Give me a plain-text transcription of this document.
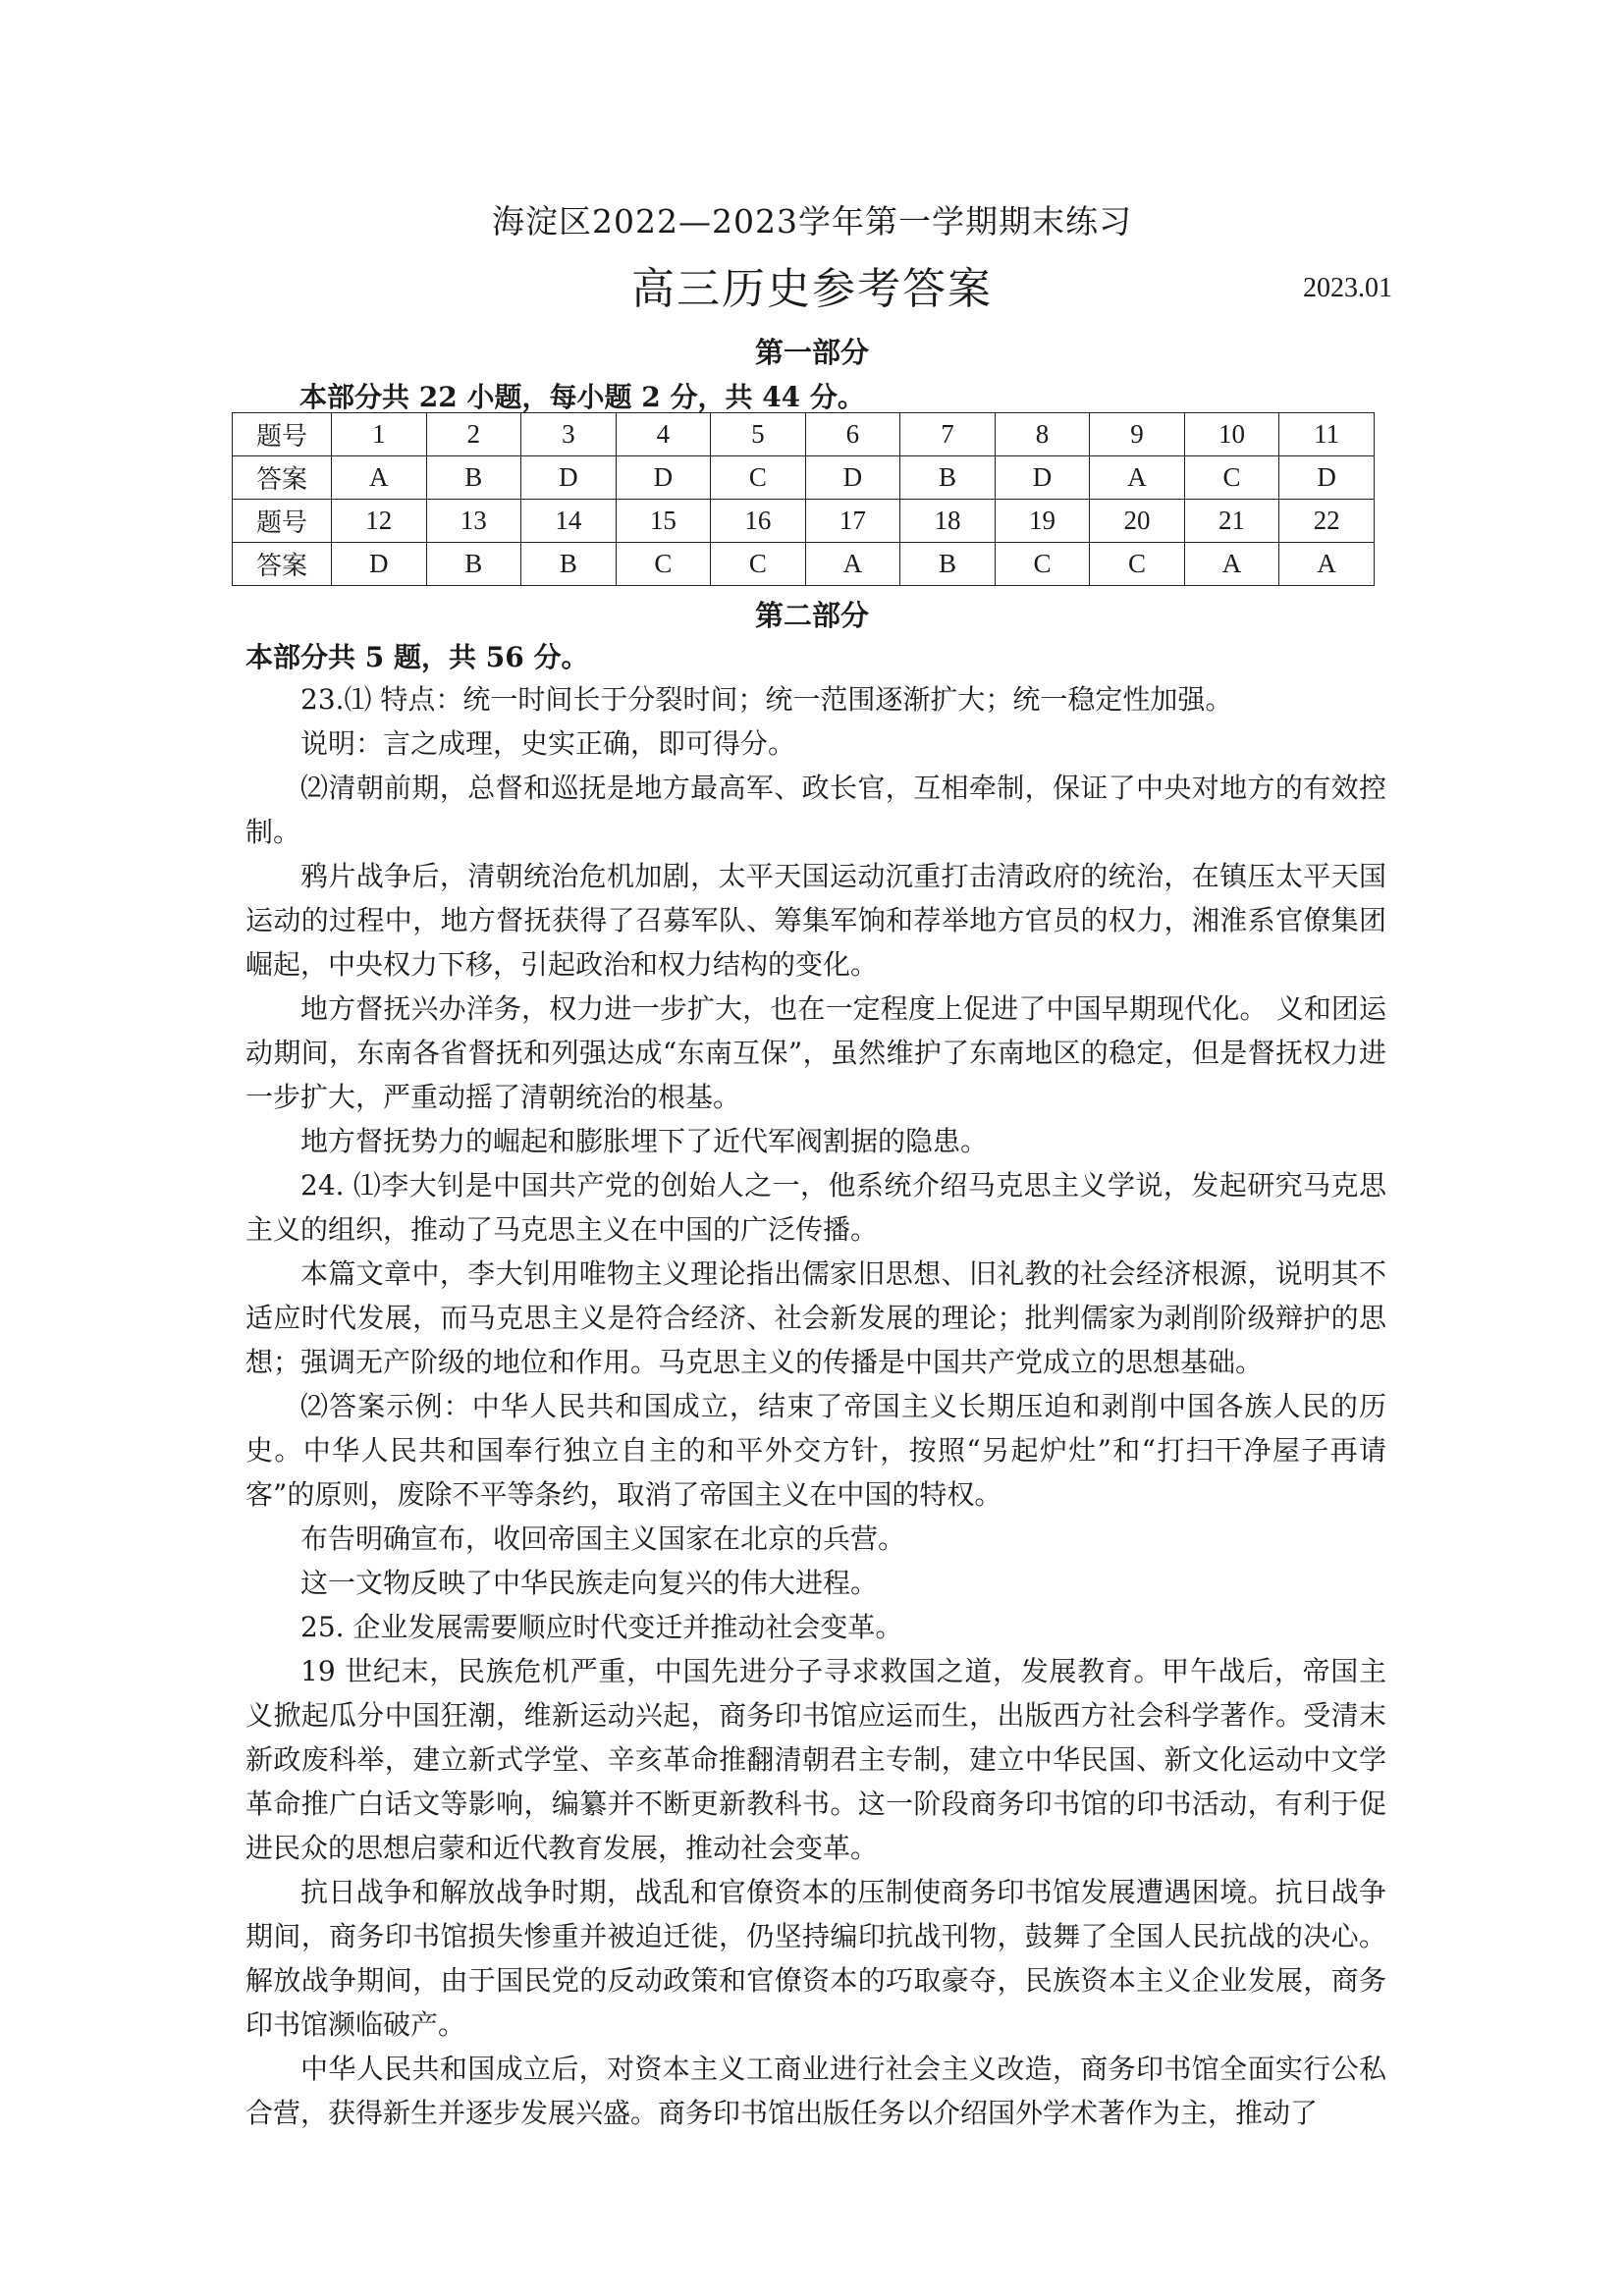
海淀区2022—2023学年第一学期期末练习
高三历史参考答案	2023.01
第一部分
本部分共 22 小题，每小题 2 分，共 44 分。
题号	1	2	3	4	5	6	7	8	9	10	11
答案	A	B	D	D	C	D	B	D	A	C	D
题号	12	13	14	15	16	17	18	19	20	21	22
答案	D	B	B	C	C	A	B	C	C	A	A
第二部分
本部分共 5 题，共 56 分。

23.⑴ 特点：统一时间长于分裂时间；统一范围逐渐扩大；统一稳定性加强。

说明：言之成理，史实正确，即可得分。

⑵清朝前期，总督和巡抚是地方最高军、政长官，互相牵制，保证了中央对地方的有效控制。

鸦片战争后，清朝统治危机加剧，太平天国运动沉重打击清政府的统治，在镇压太平天国运动的过程中，地方督抚获得了召募军队、筹集军饷和荐举地方官员的权力，湘淮系官僚集团崛起，中央权力下移，引起政治和权力结构的变化。

地方督抚兴办洋务，权力进一步扩大，也在一定程度上促进了中国早期现代化。 义和团运动期间，东南各省督抚和列强达成“东南互保”，虽然维护了东南地区的稳定，但是督抚权力进一步扩大，严重动摇了清朝统治的根基。

地方督抚势力的崛起和膨胀埋下了近代军阀割据的隐患。

24. ⑴李大钊是中国共产党的创始人之一，他系统介绍马克思主义学说，发起研究马克思主义的组织，推动了马克思主义在中国的广泛传播。

本篇文章中，李大钊用唯物主义理论指出儒家旧思想、旧礼教的社会经济根源，说明其不适应时代发展，而马克思主义是符合经济、社会新发展的理论；批判儒家为剥削阶级辩护的思想；强调无产阶级的地位和作用。马克思主义的传播是中国共产党成立的思想基础。

⑵答案示例：中华人民共和国成立，结束了帝国主义长期压迫和剥削中国各族人民的历史。中华人民共和国奉行独立自主的和平外交方针，按照“另起炉灶”和“打扫干净屋子再请客”的原则，废除不平等条约，取消了帝国主义在中国的特权。

布告明确宣布，收回帝国主义国家在北京的兵营。

这一文物反映了中华民族走向复兴的伟大进程。

25. 企业发展需要顺应时代变迁并推动社会变革。

19 世纪末，民族危机严重，中国先进分子寻求救国之道，发展教育。甲午战后，帝国主义掀起瓜分中国狂潮，维新运动兴起，商务印书馆应运而生，出版西方社会科学著作。受清末新政废科举，建立新式学堂、辛亥革命推翻清朝君主专制，建立中华民国、新文化运动中文学革命推广白话文等影响，编纂并不断更新教科书。这一阶段商务印书馆的印书活动，有利于促进民众的思想启蒙和近代教育发展，推动社会变革。

抗日战争和解放战争时期，战乱和官僚资本的压制使商务印书馆发展遭遇困境。抗日战争期间，商务印书馆损失惨重并被迫迁徙，仍坚持编印抗战刊物，鼓舞了全国人民抗战的决心。解放战争期间，由于国民党的反动政策和官僚资本的巧取豪夺，民族资本主义企业发展，商务印书馆濒临破产。

中华人民共和国成立后，对资本主义工商业进行社会主义改造，商务印书馆全面实行公私合营，获得新生并逐步发展兴盛。商务印书馆出版任务以介绍国外学术著作为主，推动了
